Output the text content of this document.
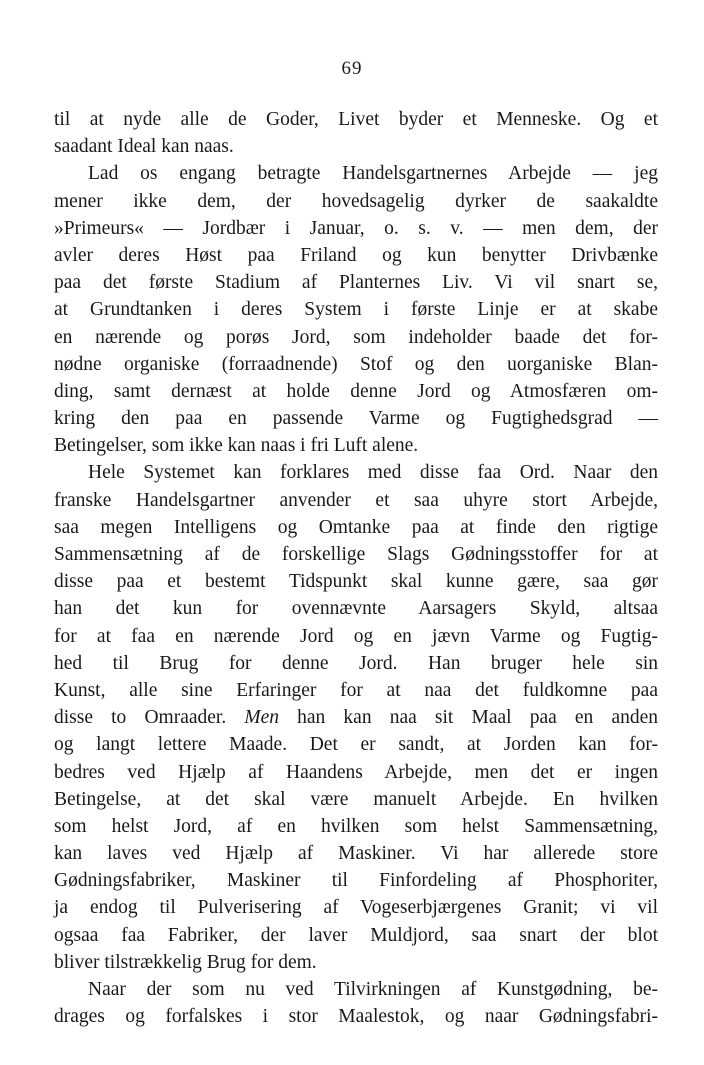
69
til at nyde alle de Goder, Livet byder et Menneske. Og et
saadant Ideal kan naas.
Lad os engang betragte Handelsgartnernes Arbejde — jeg
mener ikke dem, der hovedsagelig dyrker de saakaldte
»Primeurs« — Jordbær i Januar, o. s. v. — men dem, der
avler deres Høst paa Friland og kun benytter Drivbænke
paa det første Stadium af Planternes Liv. Vi vil snart se,
at Grundtanken i deres System i første Linje er at skabe
en nærende og porøs Jord, som indeholder baade det for-
nødne organiske (forraadnende) Stof og den uorganiske Blan-
ding, samt dernæst at holde denne Jord og Atmosfæren om-
kring den paa en passende Varme og Fugtighedsgrad —
Betingelser, som ikke kan naas i fri Luft alene.
Hele Systemet kan forklares med disse faa Ord. Naar den
franske Handelsgartner anvender et saa uhyre stort Arbejde,
saa megen Intelligens og Omtanke paa at finde den rigtige
Sammensætning af de forskellige Slags Gødningsstoffer for at
disse paa et bestemt Tidspunkt skal kunne gære, saa gør
han det kun for ovennævnte Aarsagers Skyld, altsaa
for at faa en nærende Jord og en jævn Varme og Fugtig-
hed til Brug for denne Jord. Han bruger hele sin
Kunst, alle sine Erfaringer for at naa det fuldkomne paa
disse to Omraader. Men han kan naa sit Maal paa en anden
og langt lettere Maade. Det er sandt, at Jorden kan for-
bedres ved Hjælp af Haandens Arbejde, men det er ingen
Betingelse, at det skal være manuelt Arbejde. En hvilken
som helst Jord, af en hvilken som helst Sammensætning,
kan laves ved Hjælp af Maskiner. Vi har allerede store
Gødningsfabriker, Maskiner til Finfordeling af Phosphoriter,
ja endog til Pulverisering af Vogeserbjærgenes Granit; vi vil
ogsaa faa Fabriker, der laver Muldjord, saa snart der blot
bliver tilstrækkelig Brug for dem.
Naar der som nu ved Tilvirkningen af Kunstgødning, be-
drages og forfalskes i stor Maalestok, og naar Gødningsfabri-
